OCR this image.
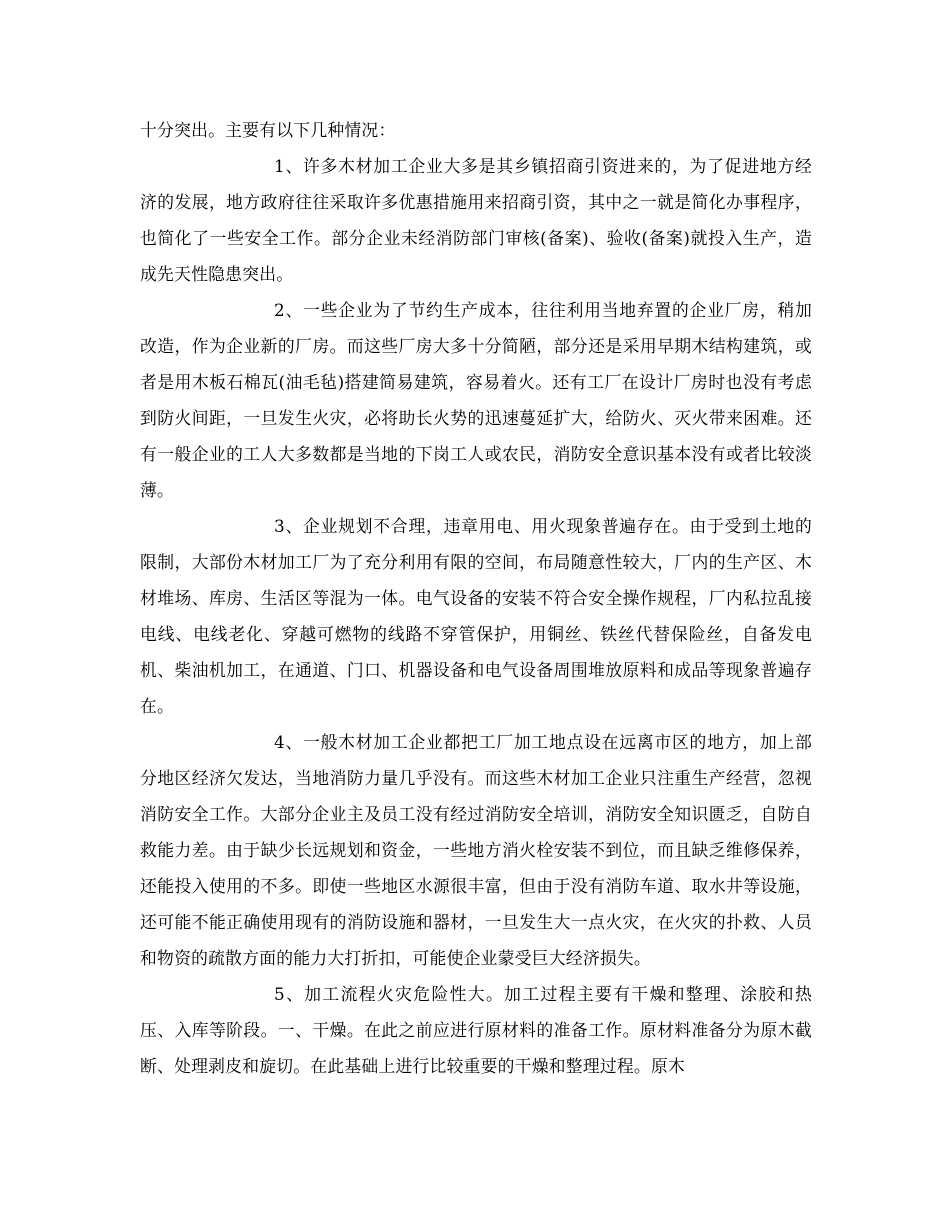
十分突出。主要有以下几种情况：

1、许多木材加工企业大多是其乡镇招商引资进来的，为了促进地方经济的发展，地方政府往往采取许多优惠措施用来招商引资，其中之一就是简化办事程序，也简化了一些安全工作。部分企业未经消防部门审核(备案)、验收(备案)就投入生产，造成先天性隐患突出。

2、一些企业为了节约生产成本，往往利用当地弃置的企业厂房，稍加改造，作为企业新的厂房。而这些厂房大多十分简陋，部分还是采用早期木结构建筑，或者是用木板石棉瓦(油毛毡)搭建简易建筑，容易着火。还有工厂在设计厂房时也没有考虑到防火间距，一旦发生火灾，必将助长火势的迅速蔓延扩大，给防火、灭火带来困难。还有一般企业的工人大多数都是当地的下岗工人或农民，消防安全意识基本没有或者比较淡薄。

3、企业规划不合理，违章用电、用火现象普遍存在。由于受到土地的限制，大部份木材加工厂为了充分利用有限的空间，布局随意性较大，厂内的生产区、木材堆场、库房、生活区等混为一体。电气设备的安装不符合安全操作规程，厂内私拉乱接电线、电线老化、穿越可燃物的线路不穿管保护，用铜丝、铁丝代替保险丝，自备发电机、柴油机加工，在通道、门口、机器设备和电气设备周围堆放原料和成品等现象普遍存在。

4、一般木材加工企业都把工厂加工地点设在远离市区的地方，加上部分地区经济欠发达，当地消防力量几乎没有。而这些木材加工企业只注重生产经营，忽视消防安全工作。大部分企业主及员工没有经过消防安全培训，消防安全知识匮乏，自防自救能力差。由于缺少长远规划和资金，一些地方消火栓安装不到位，而且缺乏维修保养，还能投入使用的不多。即使一些地区水源很丰富，但由于没有消防车道、取水井等设施，还可能不能正确使用现有的消防设施和器材，一旦发生大一点火灾，在火灾的扑救、人员和物资的疏散方面的能力大打折扣，可能使企业蒙受巨大经济损失。

5、加工流程火灾危险性大。加工过程主要有干燥和整理、涂胶和热压、入库等阶段。一、干燥。在此之前应进行原材料的准备工作。原材料准备分为原木截断、处理剥皮和旋切。在此基础上进行比较重要的干燥和整理过程。原木
